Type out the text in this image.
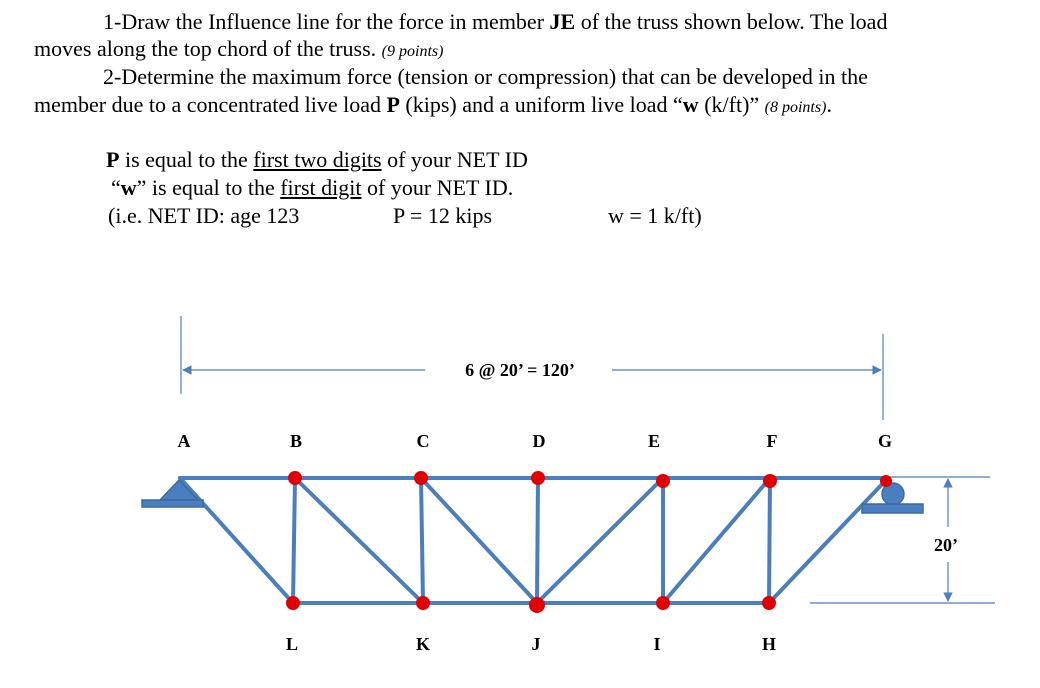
1-Draw the Influence line for the force in member JE of the truss shown below. The load
moves along the top chord of the truss. (9 points)
2-Determine the maximum force (tension or compression) that can be developed in the
member due to a concentrated live load P (kips) and a uniform live load “w (k/ft)” (8 points).
P is equal to the first two digits of your NET ID
“w” is equal to the first digit of your NET ID.
(i.e. NET ID: age 123	P = 12 kips	w = 1 k/ft)
6 @ 20’ = 120’
20’
A	B	C	D	E	F	G
L	K	J	I	H
